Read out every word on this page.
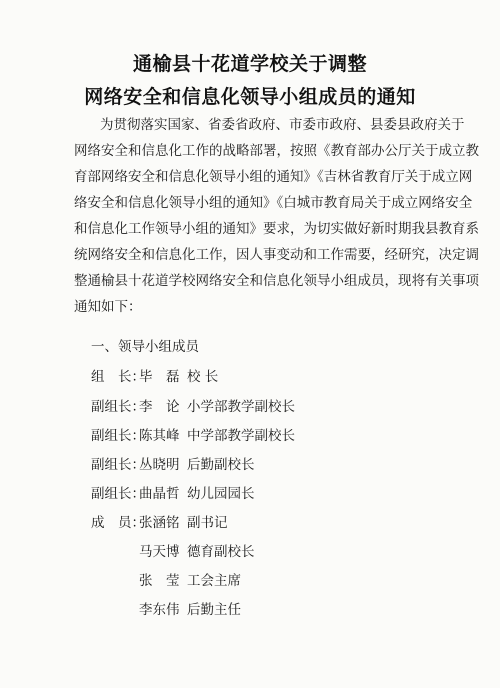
通榆县十花道学校关于调整
网络安全和信息化领导小组成员的通知
为贯彻落实国家、省委省政府、市委市政府、县委县政府关于
网络安全和信息化工作的战略部署，按照《教育部办公厅关于成立教
育部网络安全和信息化领导小组的通知》《吉林省教育厅关于成立网
络安全和信息化领导小组的通知》《白城市教育局关于成立网络安全
和信息化工作领导小组的通知》要求，为切实做好新时期我县教育系
统网络安全和信息化工作，因人事变动和工作需要，经研究，决定调
整通榆县十花道学校网络安全和信息化领导小组成员，现将有关事项
通知如下：
一、领导小组成员
组　长：
毕　磊 校 长
副组长：
李　论 小学部教学副校长
副组长：
陈其峰 中学部教学副校长
副组长：
丛晓明 后勤副校长
副组长：
曲晶哲 幼儿园园长
成　员：
张涵铭 副书记
马天博 德育副校长
张　莹 工会主席
李东伟 后勤主任
